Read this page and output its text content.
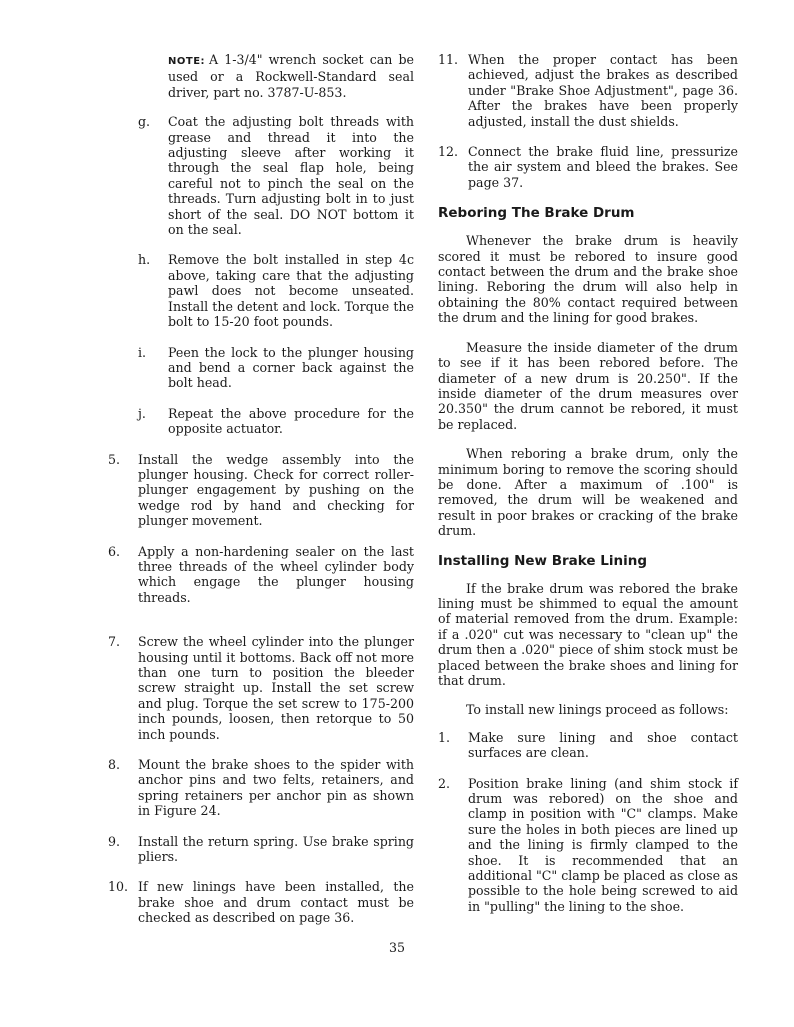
NOTE: A 1-3/4" wrench socket can be used or a Rockwell-Standard seal driver, part no. 3787-U-853.

g.	Coat the adjusting bolt threads with grease and thread it into the adjusting sleeve after working it through the seal flap hole, being careful not to pinch the seal on the threads. Turn adjusting bolt in to just short of the seal. DO NOT bottom it on the seal.
h.	Remove the bolt installed in step 4c above, taking care that the adjusting pawl does not become unseated. Install the detent and lock. Torque the bolt to 15-20 foot pounds.
i.	Peen the lock to the plunger housing and bend a corner back against the bolt head.
j.	Repeat the above procedure for the opposite actuator.
5.	Install the wedge assembly into the plunger housing. Check for correct roller-plunger engagement by pushing on the wedge rod by hand and checking for plunger movement.
6.	Apply a non-hardening sealer on the last three threads of the wheel cylinder body which engage the plunger housing threads.
7.	Screw the wheel cylinder into the plunger housing until it bottoms. Back off not more than one turn to position the bleeder screw straight up. Install the set screw and plug. Torque the set screw to 175-200 inch pounds, loosen, then retorque to 50 inch pounds.
8.	Mount the brake shoes to the spider with anchor pins and two felts, retainers, and spring retainers per anchor pin as shown in Figure 24.
9.	Install the return spring. Use brake spring pliers.
10. If new linings have been installed, the brake shoe and drum contact must be checked as described on page 36.
11. When the proper contact has been achieved, adjust the brakes as described under "Brake Shoe Adjustment", page 36. After the brakes have been properly adjusted, install the dust shields.
12. Connect the brake fluid line, pressurize the air system and bleed the brakes. See page 37.
Reboring The Brake Drum

Whenever the brake drum is heavily scored it must be rebored to insure good contact between the drum and the brake shoe lining. Reboring the drum will also help in obtaining the 80% contact required between the drum and the lining for good brakes.

Measure the inside diameter of the drum to see if it has been rebored before. The diameter of a new drum is 20.250". If the inside diameter of the drum measures over 20.350" the drum cannot be rebored, it must be replaced.

When reboring a brake drum, only the minimum boring to remove the scoring should be done. After a maximum of .100" is removed, the drum will be weakened and result in poor brakes or cracking of the brake drum.

Installing New Brake Lining

If the brake drum was rebored the brake lining must be shimmed to equal the amount of material removed from the drum. Example: if a .020" cut was necessary to "clean up" the drum then a .020" piece of shim stock must be placed between the brake shoes and lining for that drum.

To install new linings proceed as follows:

1.	Make sure lining and shoe contact surfaces are clean.
2.	Position brake lining (and shim stock if drum was rebored) on the shoe and clamp in position with "C" clamps. Make sure the holes in both pieces are lined up and the lining is firmly clamped to the shoe. It is recommended that an additional "C" clamp be placed as close as possible to the hole being screwed to aid in "pulling" the lining to the shoe.
35
